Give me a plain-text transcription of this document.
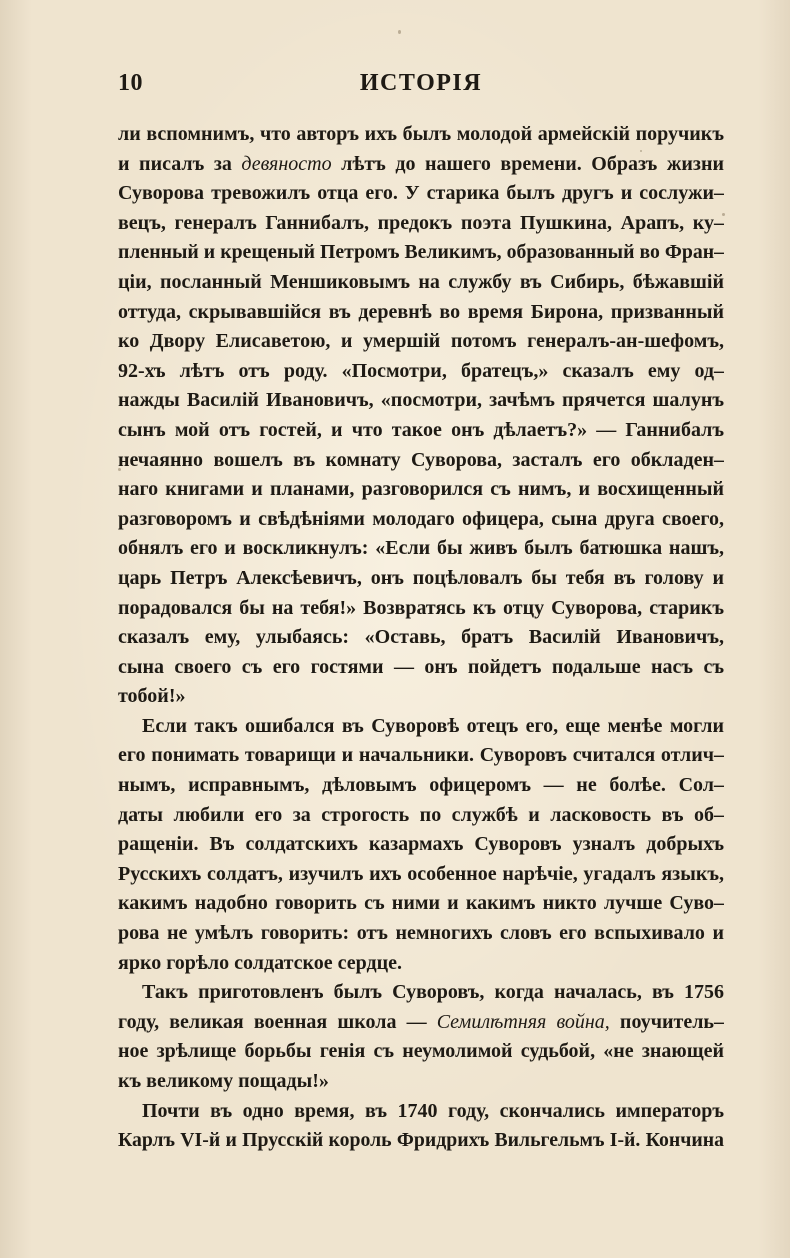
10	ИСТОРІЯ
ли вспомнимъ, что авторъ ихъ былъ молодой армейскій поручикъ
и писалъ за девяносто лѣтъ до нашего времени. Образъ жизни
Суворова тревожилъ отца его. У старика былъ другъ и сослужи–
вецъ, генералъ Ганнибалъ, предокъ поэта Пушкина, Арапъ, ку–
пленный и крещеный Петромъ Великимъ, образованный во Фран–
ціи, посланный Меншиковымъ на службу въ Сибирь, бѣжавшій
оттуда, скрывавшійся въ деревнѣ во время Бирона, призванный
ко Двору Елисаветою, и умершій потомъ генералъ-ан-шефомъ,
92-хъ лѣтъ отъ роду. «Посмотри, братецъ,» сказалъ ему од–
нажды Василій Ивановичъ, «посмотри, зачѣмъ прячется шалунъ
сынъ мой отъ гостей, и что такое онъ дѣлаетъ?» — Ганнибалъ
нечаянно вошелъ въ комнату Суворова, засталъ его обкладен–
наго книгами и планами, разговорился съ нимъ, и восхищенный
разговоромъ и свѣдѣніями молодаго офицера, сына друга своего,
обнялъ его и воскликнулъ: «Если бы живъ былъ батюшка нашъ,
царь Петръ Алексѣевичъ, онъ поцѣловалъ бы тебя въ голову и
порадовался бы на тебя!» Возвратясь къ отцу Суворова, старикъ
сказалъ ему, улыбаясь: «Оставь, братъ Василій Ивановичъ,
сына своего съ его гостями — онъ пойдетъ подальше насъ съ
тобой!»
Если такъ ошибался въ Суворовѣ отецъ его, еще менѣе могли
его понимать товарищи и начальники. Суворовъ считался отлич–
нымъ, исправнымъ, дѣловымъ офицеромъ — не болѣе. Сол–
даты любили его за строгость по службѣ и ласковость въ об–
ращеніи. Въ солдатскихъ казармахъ Суворовъ узналъ добрыхъ
Русскихъ солдатъ, изучилъ ихъ особенное нарѣчіе, угадалъ языкъ,
какимъ надобно говорить съ ними и какимъ никто лучше Суво–
рова не умѣлъ говорить: отъ немногихъ словъ его вспыхивало и
ярко горѣло солдатское сердце.
Такъ приготовленъ былъ Суворовъ, когда началась, въ 1756
году, великая военная школа — Семилѣтняя война, поучитель–
ное зрѣлище борьбы генія съ неумолимой судьбой, «не знающей
къ великому пощады!»
Почти въ одно время, въ 1740 году, скончались императоръ
Карлъ VI-й и Прусскій король Фридрихъ Вильгельмъ I-й. Кончина
